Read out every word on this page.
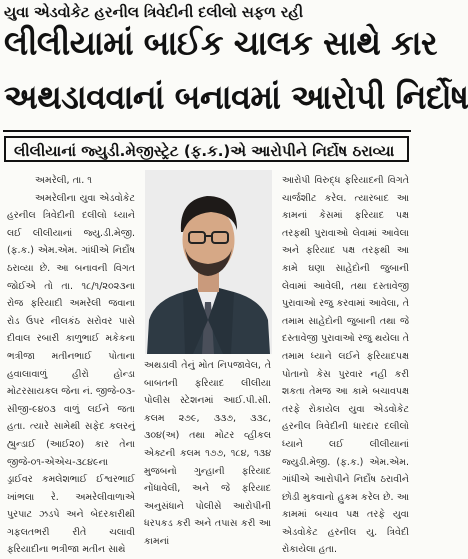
યુવા એડવોકેટ હરનીલ ત્રિવેદીની દલીલો સફળ રહી
લીલીયામાં બાઈક ચાલક સાથે કાર
અથડાવવાનાં બનાવમાં આરોપી નિર્દોષ
લીલીયાનાં જ્યુડી.મેજીસ્ટ્રેટ (ફ.ક.)એ આરોપીને નિર્દોષ ઠરાવ્યા

અમરેલી, તા. ૧

અમરેલીના યુવા એડવોકેટ હરનીલ ત્રિવેદીની દલીલો ધ્યાને લઈ લીલીયાનાં જ્યુ.ડી.મેજી. (ફ.ક.) એમ.એમ. ગાંધીએ નિર્દોષ ઠરાવ્યા છે. આ બનાવની વિગત જોઈએ તો તા. ૧૮/૧/૨૦૨૩ના રોજ ફરિયાદી અમરેલી જવાના રોડ ઉપર નીલકંઠ સરોવર પાસે દીવાલ રબારી કાળુભાઈ મકેકના ભત્રીજા મતીનભાઈ પોતાના હવાલાવાળું હીરો હોન્ડા મોટરસાયકલ જેના નં. જીજે-૦૩-સીજી-૯૪૦૩ વાળું લઈને જતા હતા. ત્યારે સામેથી સફેદ કલરનું હ્યુન્ડાઈ (આઈ૨૦) કાર તેના જીજે-૦૧-એએચ-૩૮૪૯ના ડ્રાઈવર કમલેશભાઈ ઈશ્વરભાઈ ખાંભલા રે. અમરેલીવાળાએ પુરપાટ ઝડપે અને બેદરકારીથી ગફલતભરી રીતે ચલાવી ફરિયાદીના ભત્રીજા મતીન સાથે

અથડાવી તેનું મોત નિપજાવેલ, તે બાબતની ફરિયાદ લીલીયા પોલીસ સ્ટેશનમાં આઈ.પી.સી. કલમ ૨૭૯, ૩૩૭, ૩૩૮, ૩૦૪(અ) તથા મોટર વ્હીકલ એક્ટની કલમ ૧૭૭, ૧૮૪, ૧૩૪ મુજબનો ગુન્હાની ફરિયાદ નોંધાવેલી, અને જે ફરિયાદ અનુસંધાને પોલીસે આરોપીની ધરપકડ કરી અને તપાસ કરી આ કામનાં

આરોપી વિરુદ્ધ ફરિયાદની વિગતે ચાર્જશીટ કરેલ. ત્યારબાદ આ કામનાં કેસમાં ફરિયાદ પક્ષ તરફથી પુરાવાઓ લેવામાં આવેલા અને ફરિયાદ પક્ષ તરફથી આ કામે ઘણા સાહેદોની જુબાની લેવામાં આવેલી, તથા દસ્તાવેજી પુરાવાઓ રજુ કરવામાં આવેલા, તે તમામ સાહેદોની જુબાની તથા જે દસ્તાવેજી પુરાવાઓ રજુ થયેલા તે તમામ ધ્યાને લઈને ફરિયાદપક્ષ પોતાનો કેસ પુરવાર નહી કરી શકતા તેમજ આ કામે બચાવપક્ષ તરફે રોકાયેલ યુવા એડવોકેટ હરનીલ ત્રિવેદીની ધારદાર દલીલો ધ્યાને લઈ લીલીયાનાં જ્યુડી.મેજી. (ફ.ક.) એમ.એમ. ગાંધીએ આરોપીને નિર્દોષ ઠરાવીને છોડી મુકવાનો હુકમ કરેલ છે. આ કામમાં બચાવ પક્ષ તરફે યુવા એડવોકેટ હરનીલ યુ. ત્રિવેદી રોકાયેલા હતા.
